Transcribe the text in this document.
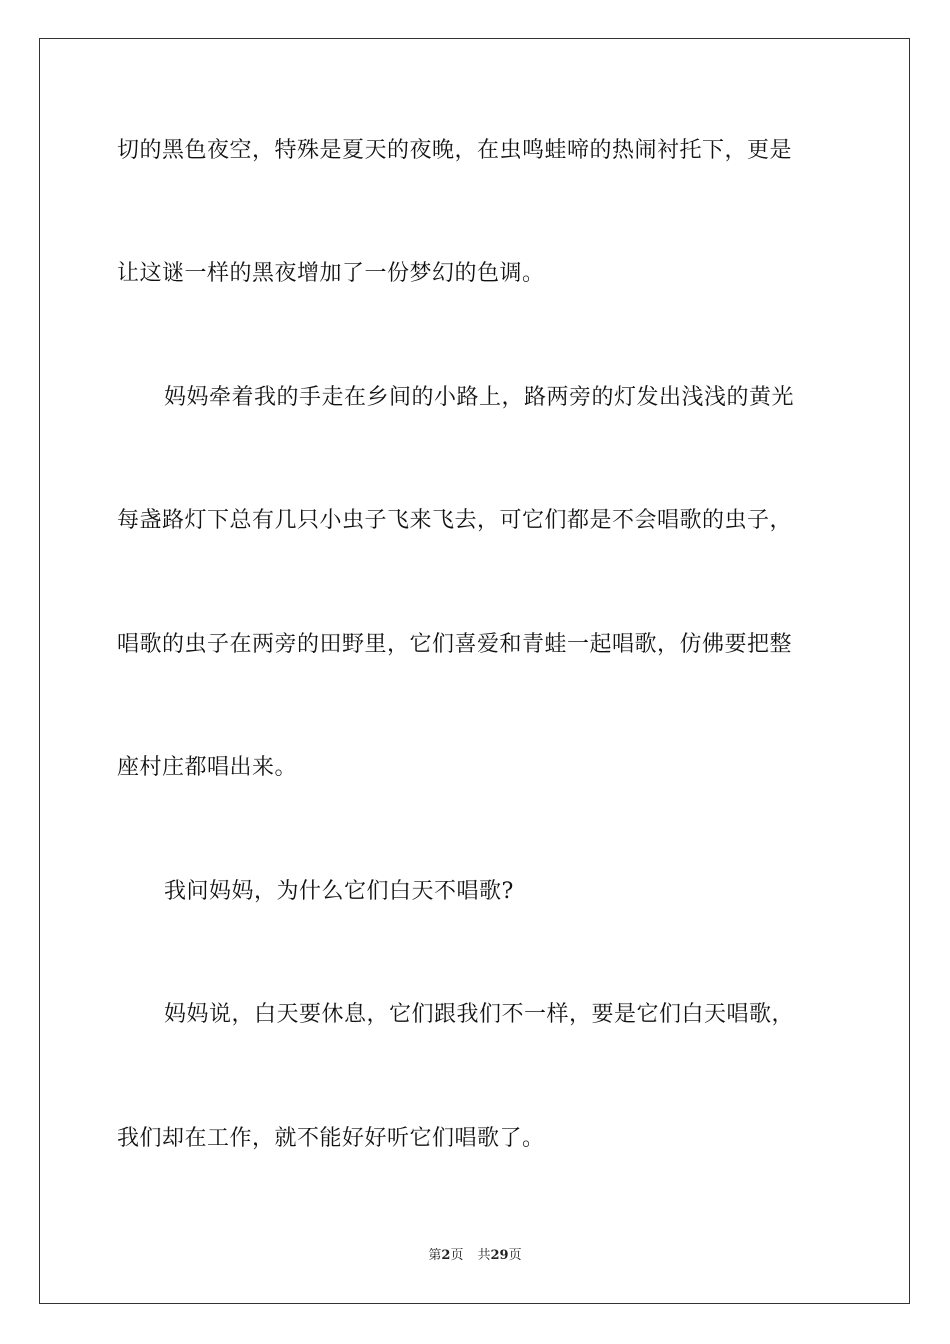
切的黑色夜空，特殊是夏天的夜晚，在虫鸣蛙啼的热闹衬托下，更是
让这谜一样的黑夜增加了一份梦幻的色调。
妈妈牵着我的手走在乡间的小路上，路两旁的灯发出浅浅的黄光
每盏路灯下总有几只小虫子飞来飞去，可它们都是不会唱歌的虫子，
唱歌的虫子在两旁的田野里，它们喜爱和青蛙一起唱歌，仿佛要把整
座村庄都唱出来。
我问妈妈，为什么它们白天不唱歌?
妈妈说，白天要休息，它们跟我们不一样，要是它们白天唱歌，
我们却在工作，就不能好好听它们唱歌了。
第2页 共29页
